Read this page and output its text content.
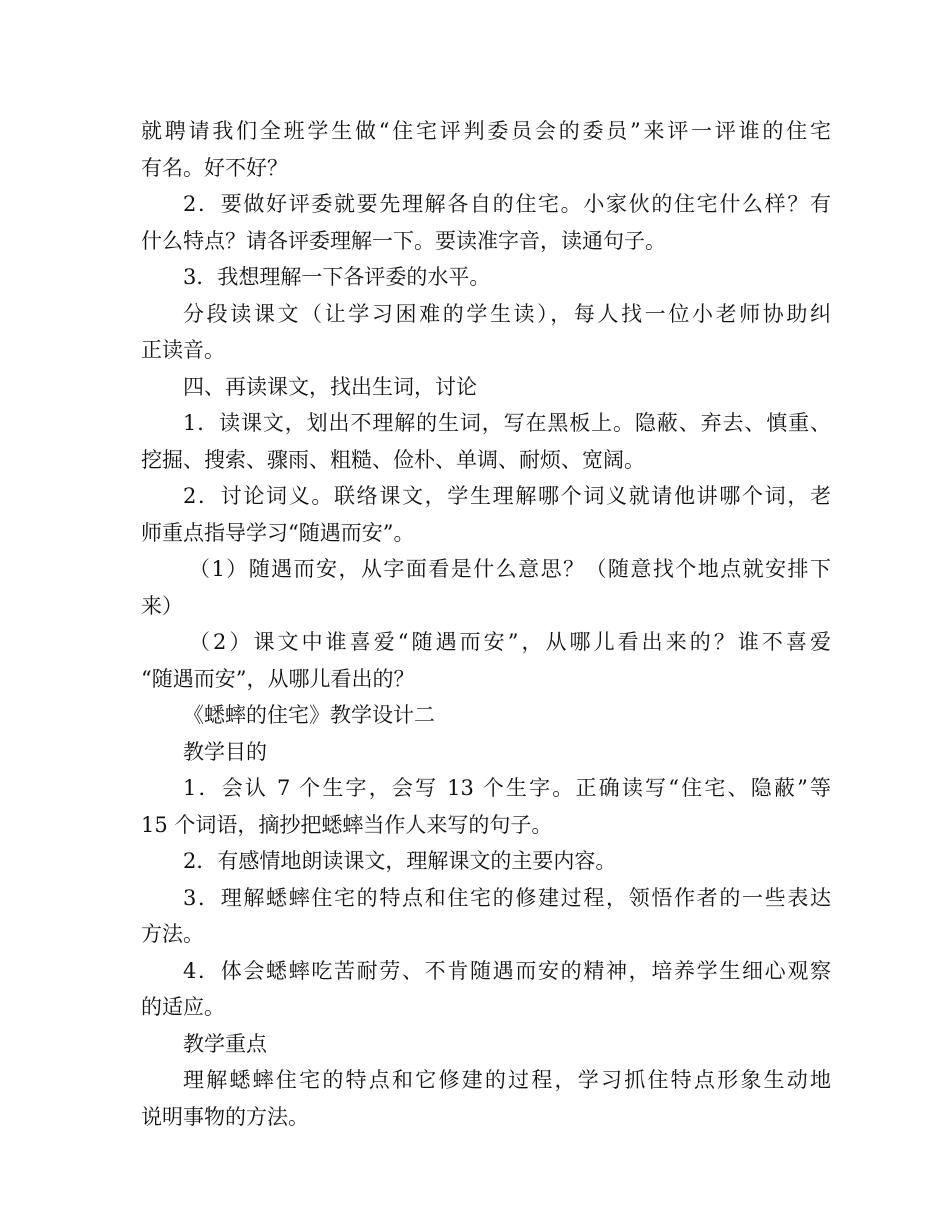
就聘请我们全班学生做“住宅评判委员会的委员”来评一评谁的住宅
有名。好不好？
2．要做好评委就要先理解各自的住宅。小家伙的住宅什么样？有
什么特点？请各评委理解一下。要读准字音，读通句子。
3．我想理解一下各评委的水平。
分段读课文（让学习困难的学生读），每人找一位小老师协助纠
正读音。
四、再读课文，找出生词，讨论
1．读课文，划出不理解的生词，写在黑板上。隐蔽、弃去、慎重、
挖掘、搜索、骤雨、粗糙、俭朴、单调、耐烦、宽阔。
2．讨论词义。联络课文，学生理解哪个词义就请他讲哪个词，老
师重点指导学习“随遇而安”。
（1）随遇而安，从字面看是什么意思？（随意找个地点就安排下
来）
（2）课文中谁喜爱“随遇而安”，从哪儿看出来的？谁不喜爱
“随遇而安”，从哪儿看出的？
《蟋蟀的住宅》教学设计二
教学目的
1．会认 7 个生字，会写 13 个生字。正确读写“住宅、隐蔽”等
15 个词语，摘抄把蟋蟀当作人来写的句子。
2．有感情地朗读课文，理解课文的主要内容。
3．理解蟋蟀住宅的特点和住宅的修建过程，领悟作者的一些表达
方法。
4．体会蟋蟀吃苦耐劳、不肯随遇而安的精神，培养学生细心观察
的适应。
教学重点
理解蟋蟀住宅的特点和它修建的过程，学习抓住特点形象生动地
说明事物的方法。
